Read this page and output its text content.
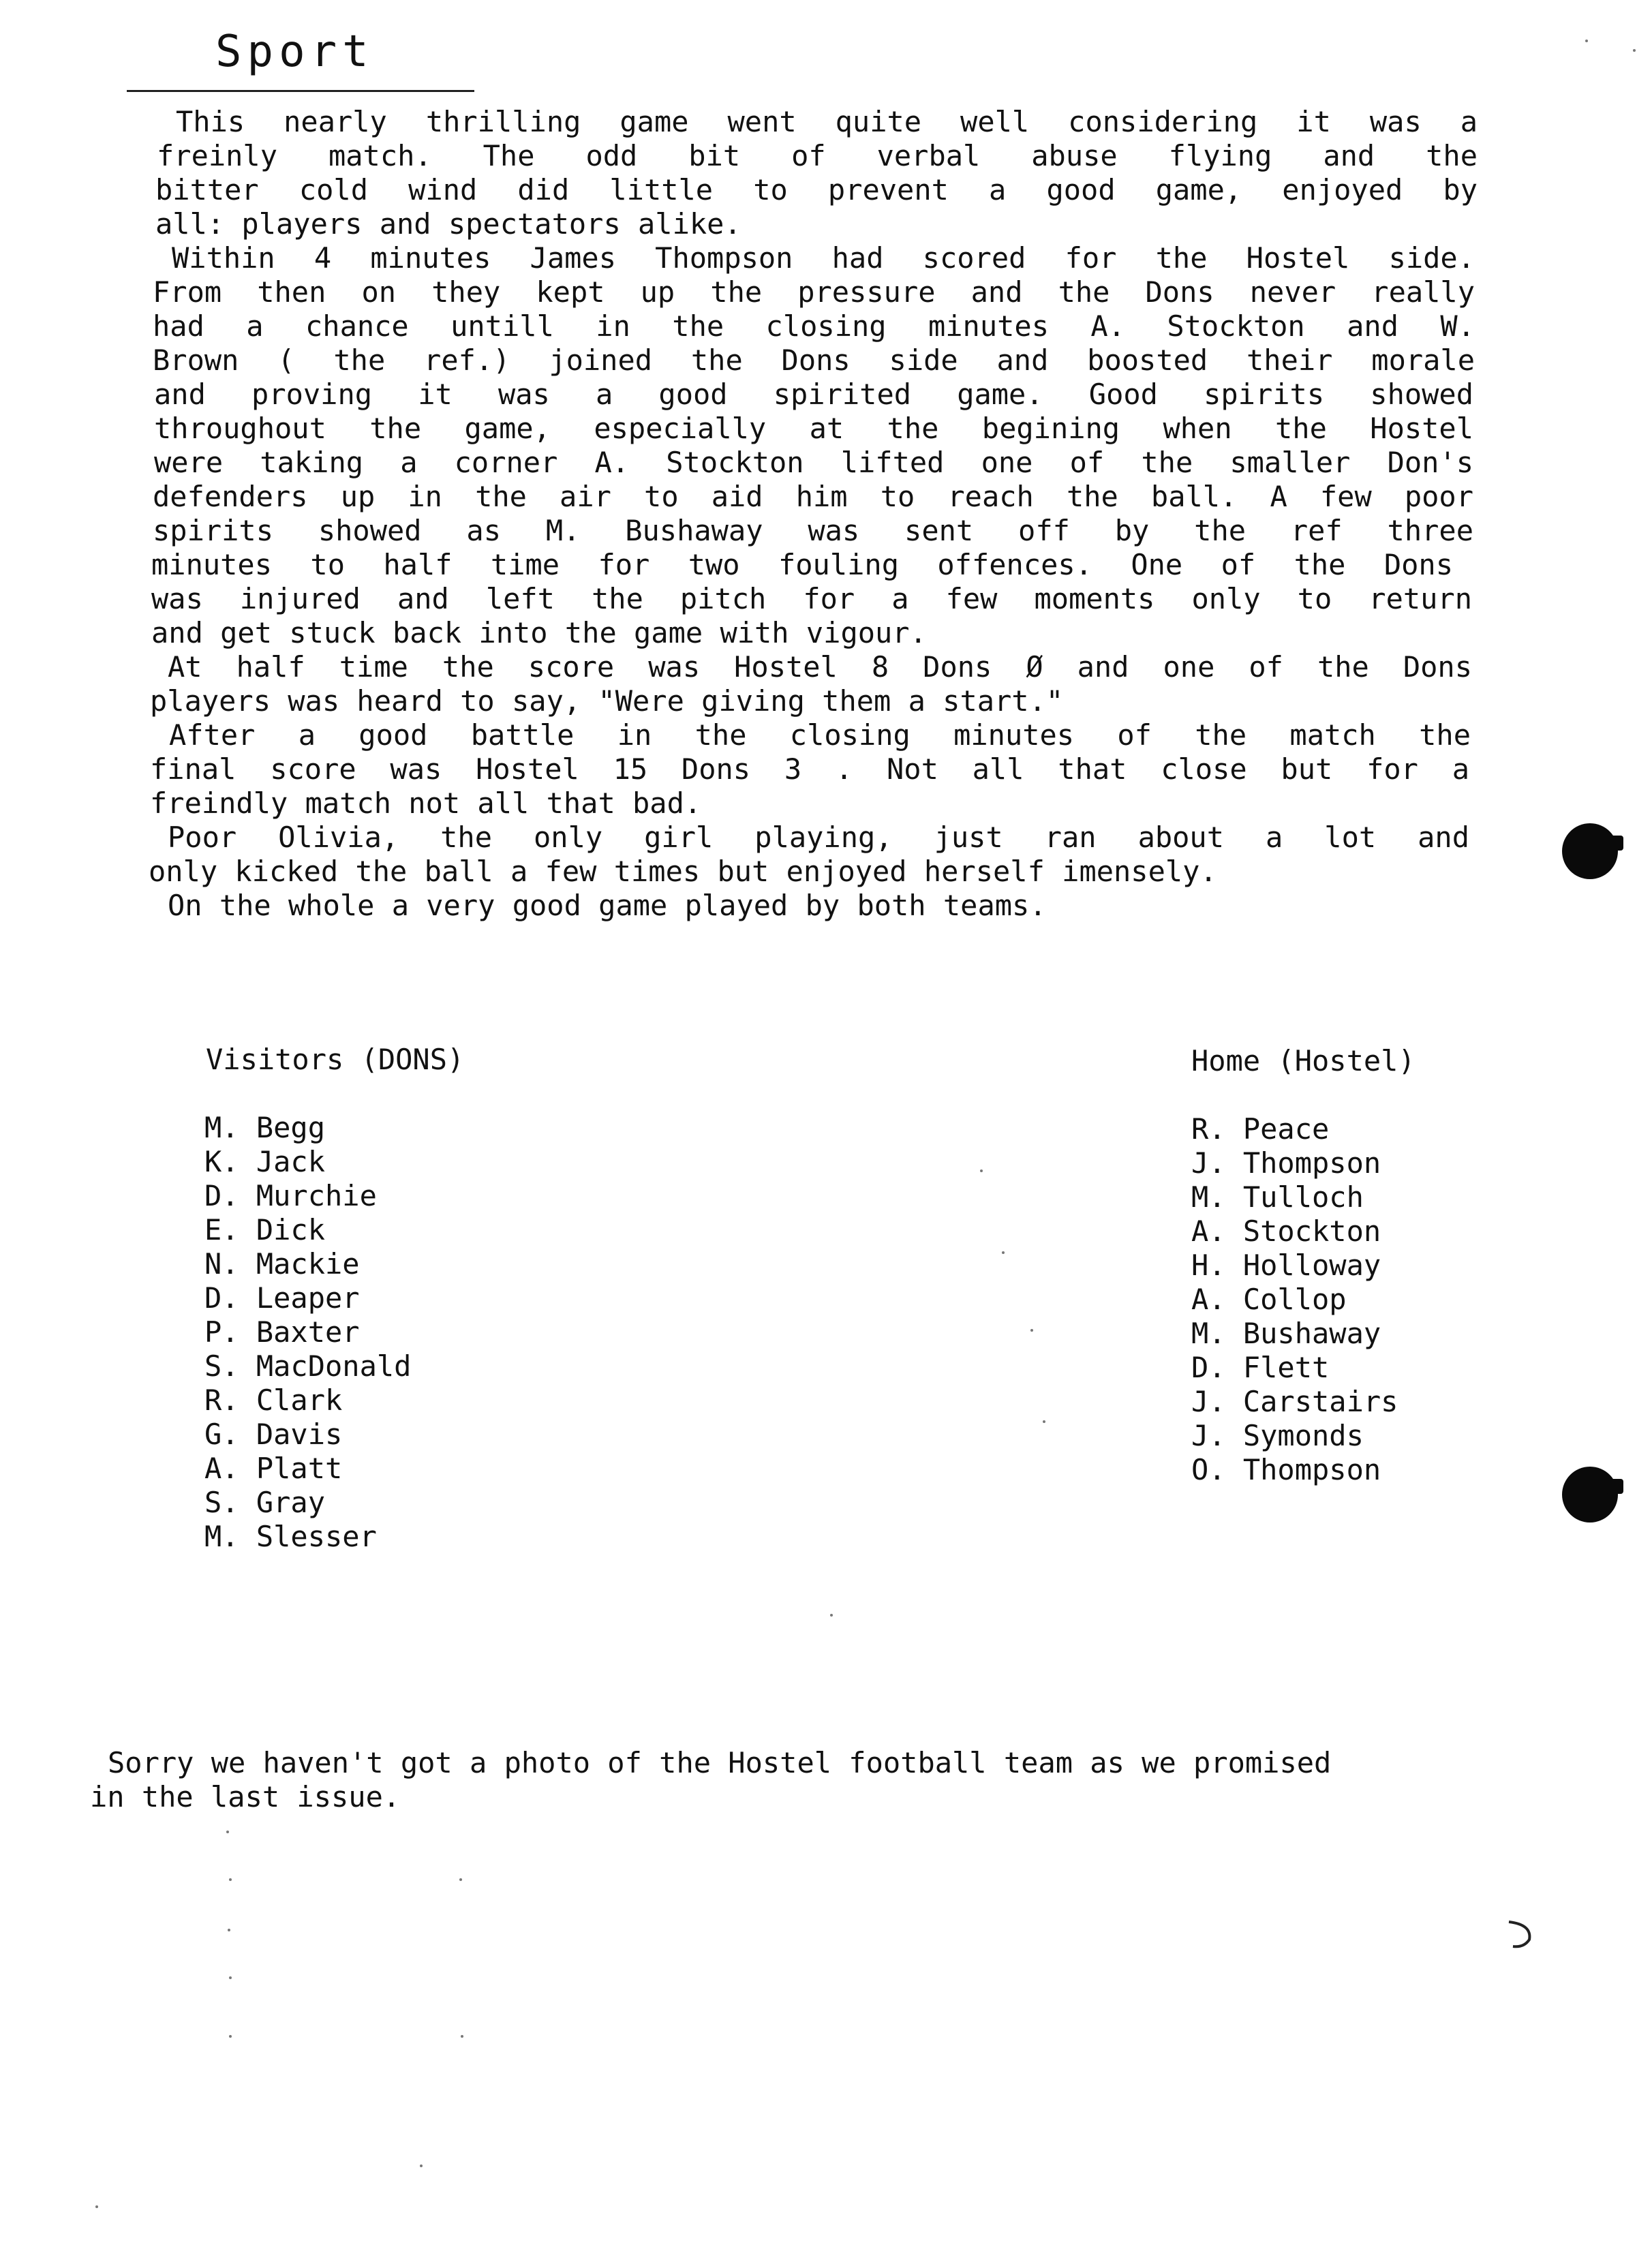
Sport
This nearly thrilling game went quite well considering it was a
freinly match. The odd bit of verbal abuse flying and the
bitter cold wind did little to prevent a good game, enjoyed by
all: players and spectators alike.
Within 4 minutes James Thompson had scored for the Hostel side.
From then on they kept up the pressure and the Dons never really
had a chance untill in the closing minutes A. Stockton and W.
Brown ( the ref.) joined the Dons side and boosted their morale
and proving it was a good spirited game. Good spirits showed
throughout the game, especially at the begining when the Hostel
were taking a corner A. Stockton lifted one of the smaller Don's
defenders up in the air to aid him to reach the ball. A few poor
spirits showed as M. Bushaway was sent off by the ref three
minutes to half time for two fouling offences. One of the Dons
was injured and left the pitch for a few moments only to return
and get stuck back into the game with vigour.
At half time the score was Hostel 8 Dons Ø and one of the Dons
players was heard to say, "Were giving them a start."
After a good battle in the closing minutes of the match the
final score was Hostel 15 Dons 3 . Not all that close but for a
freindly match not all that bad.
Poor Olivia, the only girl playing, just ran about a lot and
only kicked the ball a few times but enjoyed herself imensely.
On the whole a very good game played by both teams.
Visitors (DONS)
M. Begg
K. Jack
D. Murchie
E. Dick
N. Mackie
D. Leaper
P. Baxter
S. MacDonald
R. Clark
G. Davis
A. Platt
S. Gray
M. Slesser
Home (Hostel)
R. Peace
J. Thompson
M. Tulloch
A. Stockton
H. Holloway
A. Collop
M. Bushaway
D. Flett
J. Carstairs
J. Symonds
O. Thompson
Sorry we haven't got a photo of the Hostel football team as we promised
in the last issue.
